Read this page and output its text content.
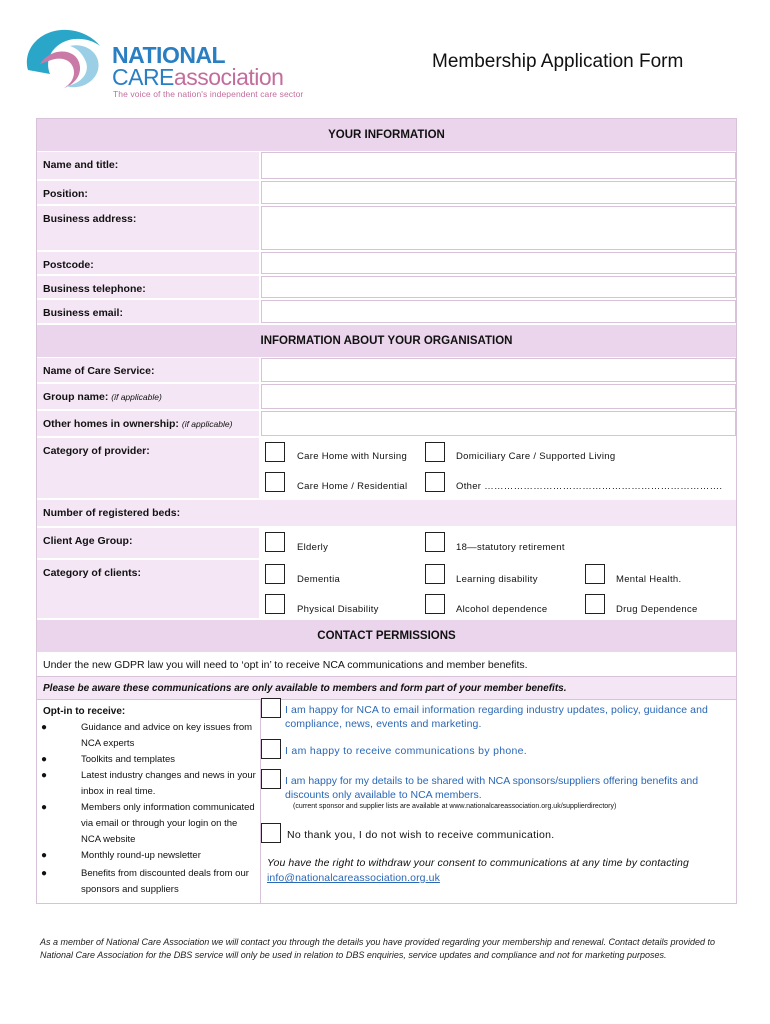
NATIONAL
CAREassociation
The voice of the nation's independent care sector
Membership Application Form
YOUR INFORMATION
Name and title:
Position:
Business address:
Postcode:
Business telephone:
Business email:
INFORMATION ABOUT YOUR ORGANISATION
Name of Care Service:
Group name: (if applicable)
Other homes in ownership: (if applicable)
Category of provider:	Care Home with Nursing	Domiciliary Care / Supported Living
Care Home / Residential	Other ……………………………………………………………….
Number of registered beds:
Client Age Group:
Elderly	18—statutory retirement
Category of clients:
Dementia	Learning disability	Mental Health.
Physical Disability	Alcohol dependence	Drug Dependence
CONTACT PERMISSIONS
Under the new GDPR law you will need to ‘opt in’ to receive NCA communications and member benefits.
Please be aware these communications are only available to members and form part of your member benefits.
Opt-in to receive:
●	Guidance and advice on key issues from NCA experts
●	Toolkits and templates
●	Latest industry changes and news in your inbox in real time.
●	Members only information communicated via email or through your login on the NCA website
●	Monthly round-up newsletter
●	Benefits from discounted deals from our sponsors and suppliers
I am happy for NCA to email information regarding industry updates, policy, guidance and compliance, news, events and marketing.
I am happy to receive communications by phone.
I am happy for my details to be shared with NCA sponsors/suppliers offering benefits and discounts only available to NCA members.
(current sponsor and supplier lists are available at www.nationalcareassociation.org.uk/supplierdirectory)
No thank you, I do not wish to receive communication.
You have the right to withdraw your consent to communications at any time by contacting info@nationalcareassociation.org.uk
As a member of National Care Association we will contact you through the details you have provided regarding your membership and renewal. Contact details provided to National Care Association for the DBS service will only be used in relation to DBS enquiries, service updates and compliance and not for marketing purposes.
